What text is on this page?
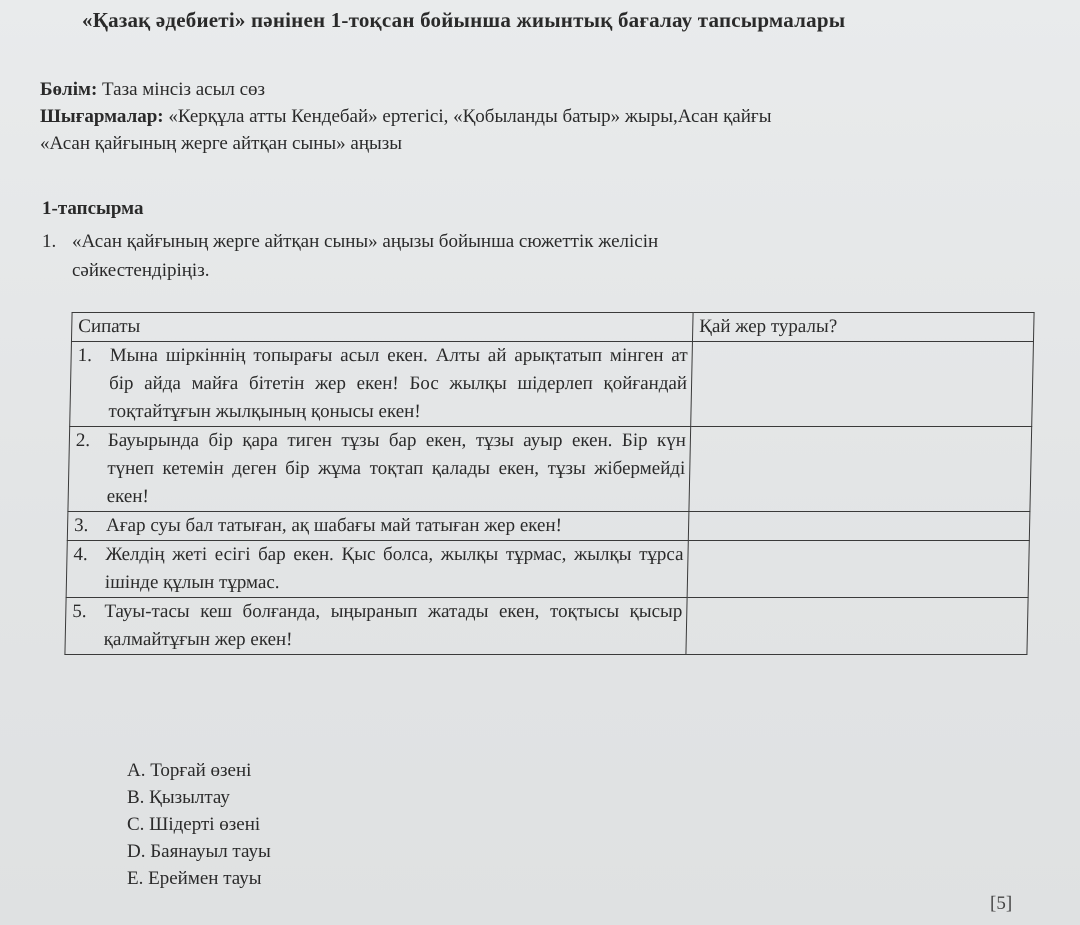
«Қазақ әдебиеті» пәнінен 1-тоқсан бойынша жиынтық бағалау тапсырмалары
Бөлім: Таза мінсіз асыл сөз
Шығармалар: «Керқұла атты Кендебай» ертегісі, «Қобыланды батыр» жыры,Асан қайғы
«Асан қайғының жерге айтқан сыны» аңызы
1-тапсырма
1. «Асан қайғының жерге айтқан сыны» аңызы бойынша сюжеттік желісін
сәйкестендіріңіз.
Сипаты	Қай жер туралы?

1. Мына шіркіннің топырағы асыл екен. Алты ай арықтатып мінген ат бір айда майға бітетін жер екен! Бос жылқы шідерлеп қойғандай тоқтайтұғын жылқының қонысы екен!	

2. Бауырында бір қара тиген тұзы бар екен, тұзы ауыр екен. Бір күн түнеп кетемін деген бір жұма тоқтап қалады екен, тұзы жібермейді екен!	

3. Ағар суы бал татыған, ақ шабағы май татыған жер екен!	

4. Желдің жеті есігі бар екен. Қыс болса, жылқы тұрмас, жылқы тұрса ішінде құлын тұрмас.	

5. Тауы-тасы кеш болғанда, ыңыранып жатады екен, тоқтысы қысыр қалмайтұғын жер екен!	

A. Торғай өзені
B. Қызылтау
C. Шідерті өзені
D. Баянауыл тауы
E. Ереймен тауы
[5]
